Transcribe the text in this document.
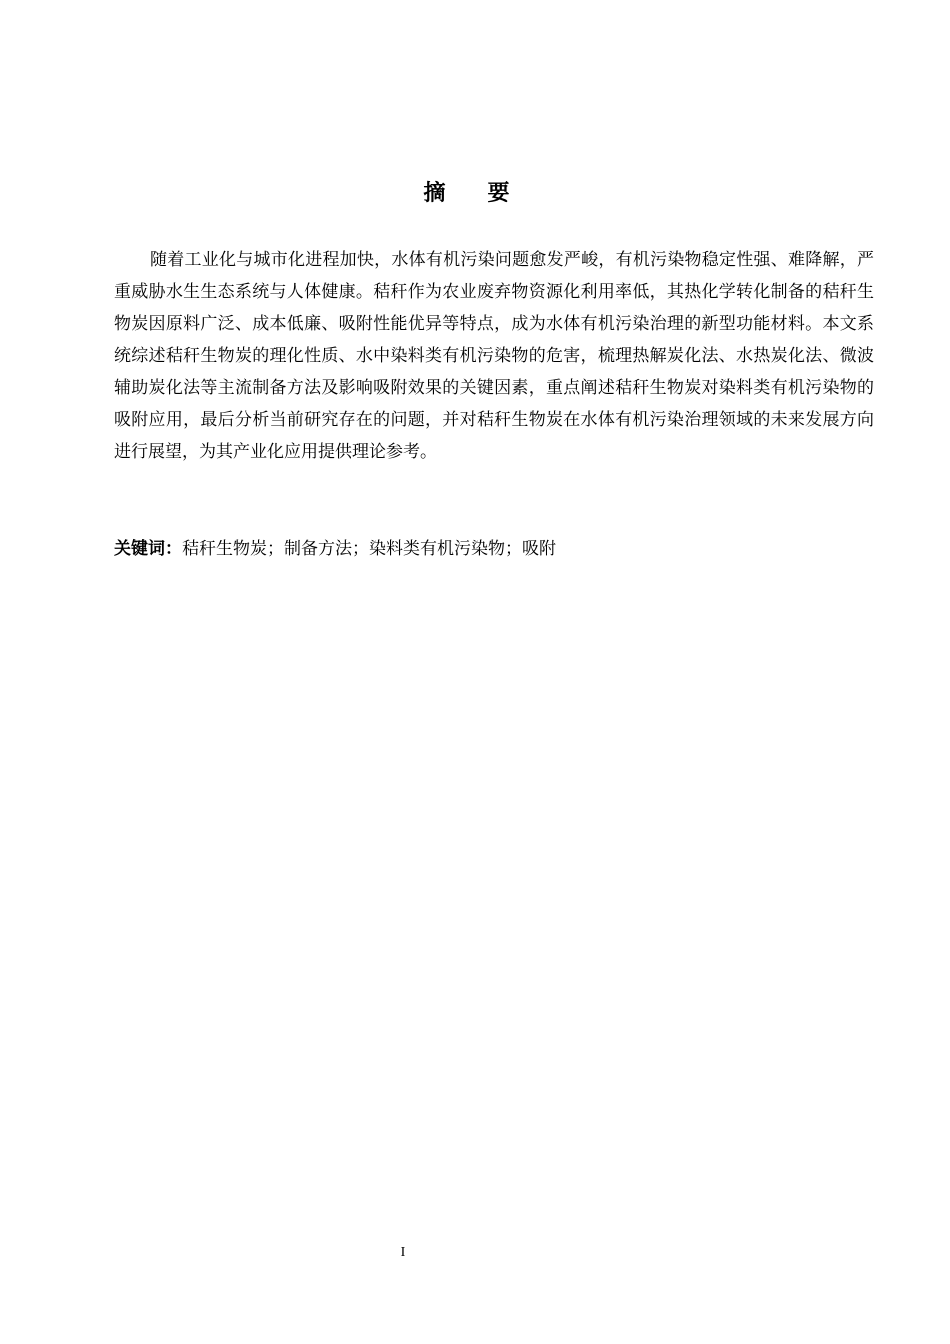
摘要

随着工业化与城市化进程加快，水体有机污染问题愈发严峻，有机污染物稳定性强、难降解，严重威胁水生生态系统与人体健康。秸秆作为农业废弃物资源化利用率低，其热化学转化制备的秸秆生物炭因原料广泛、成本低廉、吸附性能优异等特点，成为水体有机污染治理的新型功能材料。本文系统综述秸秆生物炭的理化性质、水中染料类有机污染物的危害，梳理热解炭化法、水热炭化法、微波辅助炭化法等主流制备方法及影响吸附效果的关键因素，重点阐述秸秆生物炭对染料类有机污染物的吸附应用，最后分析当前研究存在的问题，并对秸秆生物炭在水体有机污染治理领域的未来发展方向进行展望，为其产业化应用提供理论参考。

关键词：秸秆生物炭；制备方法；染料类有机污染物；吸附
I
